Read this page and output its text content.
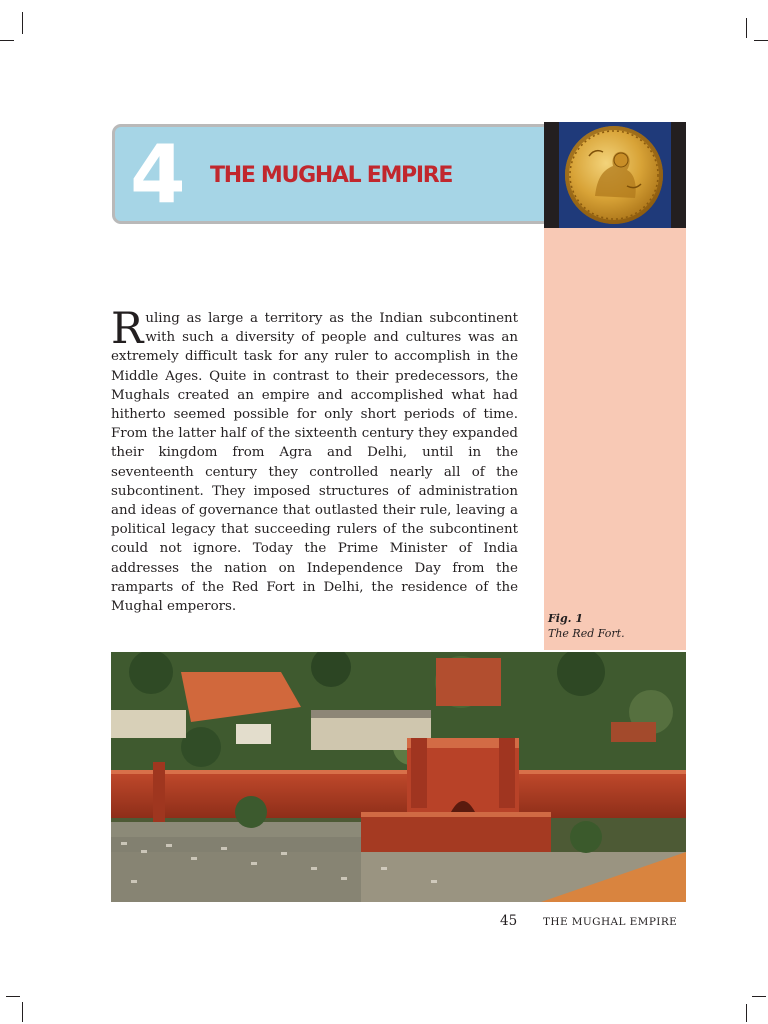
4 THE MUGHAL EMPIRE
Ruling as large a territory as the Indian subcontinent with such a diversity of people and cultures was an extremely difficult task for any ruler to accomplish in the Middle Ages. Quite in contrast to their predecessors, the Mughals created an empire and accomplished what had hitherto seemed possible for only short periods of time. From the latter half of the sixteenth century they expanded their kingdom from Agra and Delhi, until in the seventeenth century they controlled nearly all of the subcontinent. They imposed structures of administration and ideas of governance that outlasted their rule, leaving a political legacy that succeeding rulers of the subcontinent could not ignore. Today the Prime Minister of India addresses the nation on Independence Day from the ramparts of the Red Fort in Delhi, the residence of the Mughal emperors.
Fig. 1
The Red Fort.
45 THE MUGHAL EMPIRE
